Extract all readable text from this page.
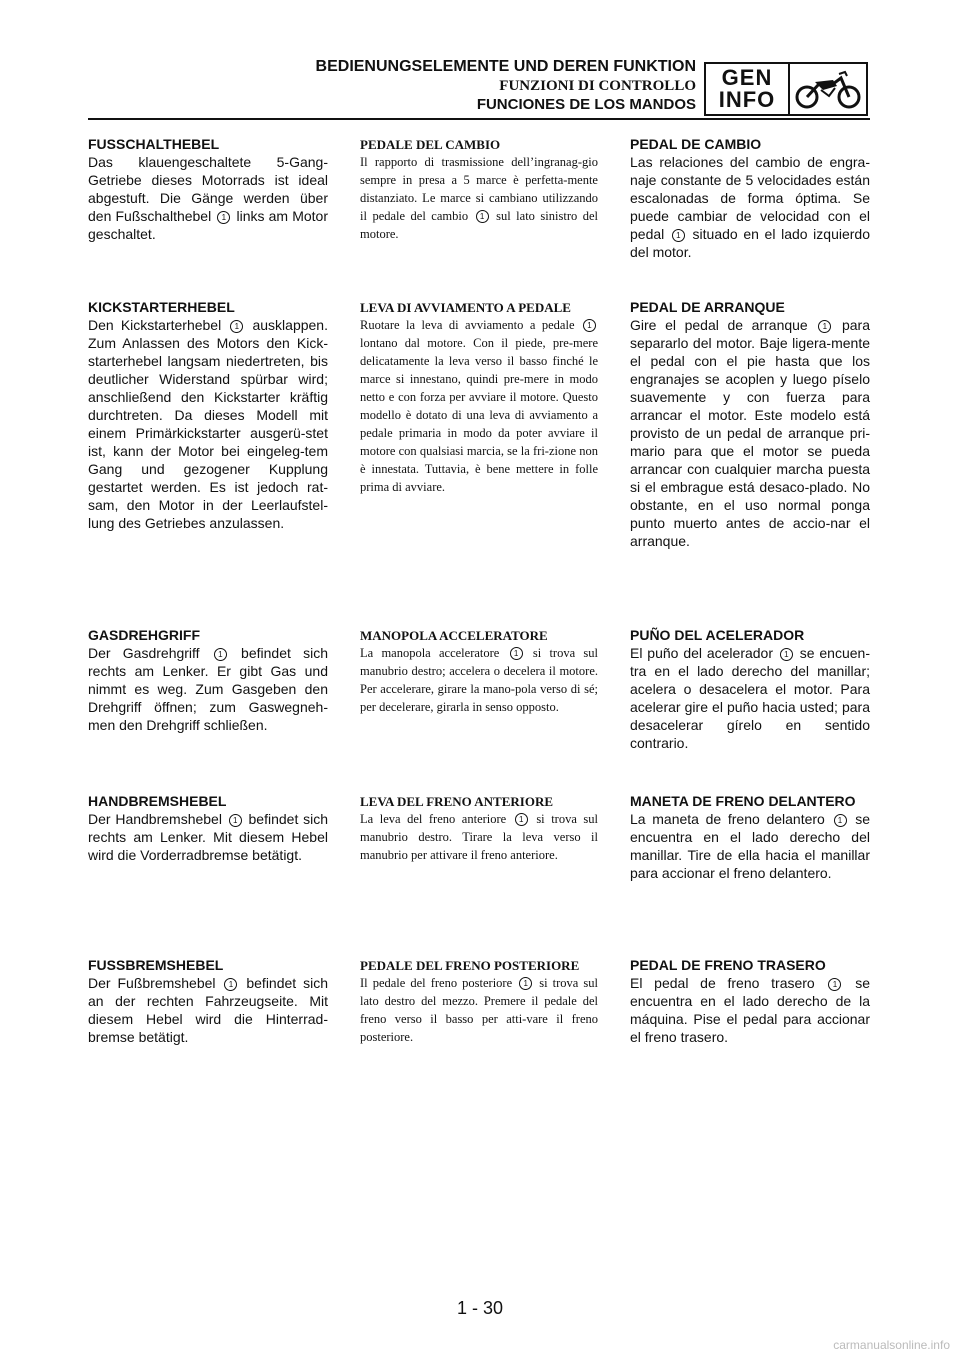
BEDIENUNGSELEMENTE UND DEREN FUNKTION
FUNZIONI DI CONTROLLO
FUNCIONES DE LOS MANDOS
GEN
INFO
FUSSCHALTHEBEL
Das klauengeschaltete 5-Gang-Getriebe dieses Motorrads ist ideal abgestuft. Die Gänge werden über den Fußschalthebel 1 links am Motor geschaltet.
KICKSTARTERHEBEL
Den Kickstarterhebel 1 ausklappen. Zum Anlassen des Motors den Kick-starterhebel langsam niedertreten, bis deutlicher Widerstand spürbar wird; anschließend den Kickstarter kräftig durchtreten. Da dieses Modell mit einem Primärkickstarter ausgerü-stet ist, kann der Motor bei eingeleg-tem Gang und gezogener Kupplung gestartet werden. Es ist jedoch rat-sam, den Motor in der Leerlaufstel-lung des Getriebes anzulassen.
GASDREHGRIFF
Der Gasdrehgriff 1 befindet sich rechts am Lenker. Er gibt Gas und nimmt es weg. Zum Gasgeben den Drehgriff öffnen; zum Gaswegneh-men den Drehgriff schließen.
HANDBREMSHEBEL
Der Handbremshebel 1 befindet sich rechts am Lenker. Mit diesem Hebel wird die Vorderradbremse betätigt.
FUSSBREMSHEBEL
Der Fußbremshebel 1 befindet sich an der rechten Fahrzeugseite. Mit diesem Hebel wird die Hinterrad-bremse betätigt.
PEDALE DEL CAMBIO
Il rapporto di trasmissione dell’ingranag-gio sempre in presa a 5 marce è perfetta-mente distanziato. Le marce si cambiano utilizzando il pedale del cambio 1 sul lato sinistro del motore.
LEVA DI AVVIAMENTO A PEDALE
Ruotare la leva di avviamento a pedale 1 lontano dal motore. Con il piede, pre-mere delicatamente la leva verso il basso finché le marce si innestano, quindi pre-mere in modo netto e con forza per avviare il motore. Questo modello è dotato di una leva di avviamento a pedale primaria in modo da poter avviare il motore con qualsiasi marcia, se la fri-zione non è innestata. Tuttavia, è bene mettere in folle prima di avviare.
MANOPOLA ACCELERATORE
La manopola acceleratore 1 si trova sul manubrio destro; accelera o decelera il motore. Per accelerare, girare la mano-pola verso di sé; per decelerare, girarla in senso opposto.
LEVA DEL FRENO ANTERIORE
La leva del freno anteriore 1 si trova sul manubrio destro. Tirare la leva verso il manubrio per attivare il freno anteriore.
PEDALE DEL FRENO POSTERIORE
Il pedale del freno posteriore 1 si trova sul lato destro del mezzo. Premere il pedale del freno verso il basso per atti-vare il freno posteriore.
PEDAL DE CAMBIO
Las relaciones del cambio de engra-naje constante de 5 velocidades están escalonadas de forma óptima. Se puede cambiar de velocidad con el pedal 1 situado en el lado izquierdo del motor.
PEDAL DE ARRANQUE
Gire el pedal de arranque 1 para separarlo del motor. Baje ligera-mente el pedal con el pie hasta que los engranajes se acoplen y luego písel​o suavemente y con fuerza para arrancar el motor. Este modelo está provisto de un pedal de arranque pri-mario para que el motor se pueda arrancar con cualquier marcha puesta si el embrague está desaco-plado. No obstante, en el uso normal ponga punto muerto antes de accio-nar el arranque.
PUÑO DEL ACELERADOR
El puño del acelerador 1 se encuen-tra en el lado derecho del manillar; acelera o desacelera el motor. Para acelerar gire el puño hacia usted; para desacelerar gírelo en sentido contrario.
MANETA DE FRENO DELANTERO
La maneta de freno delantero 1 se encuentra en el lado derecho del manillar. Tire de ella hacia el manillar para accionar el freno delantero.
PEDAL DE FRENO TRASERO
El pedal de freno trasero 1 se encuentra en el lado derecho de la máquina. Pise el pedal para accionar el freno trasero.
1 - 30
carmanualsonline.info
